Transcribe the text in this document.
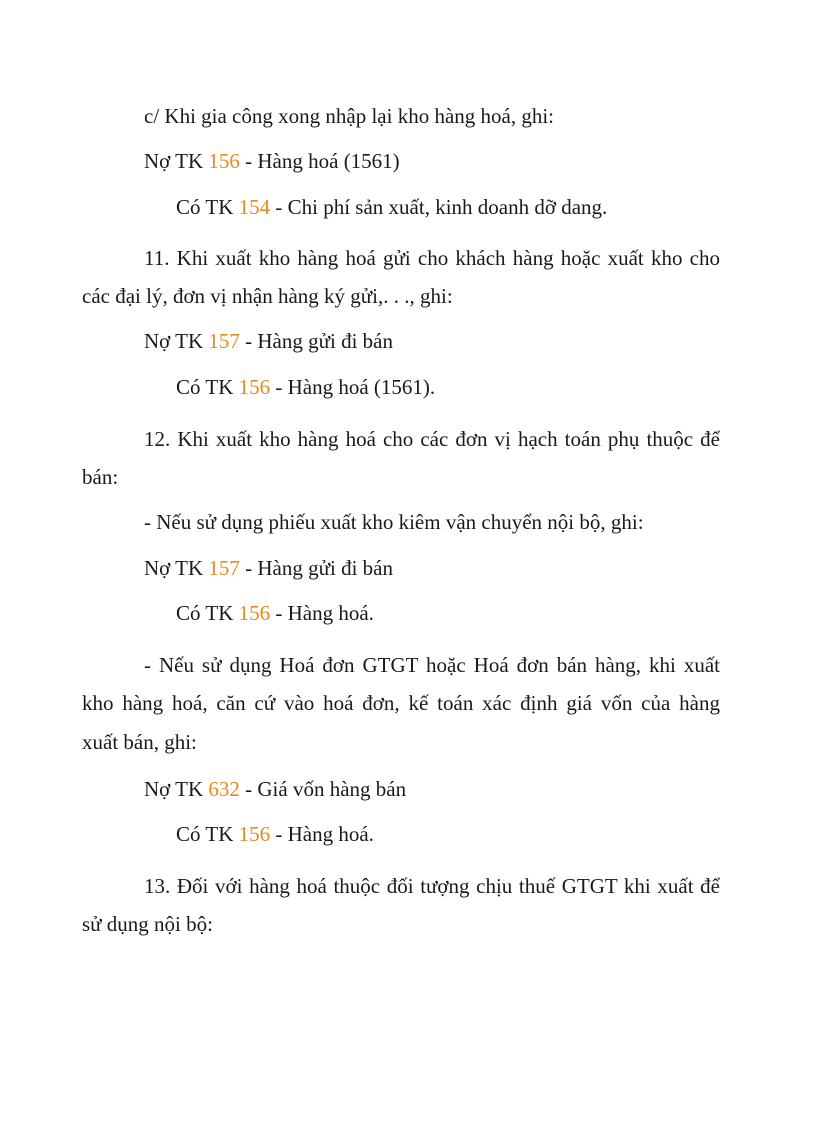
c/ Khi gia công xong nhập lại kho hàng hoá, ghi:
Nợ TK 156 - Hàng hoá (1561)
Có TK 154 - Chi phí sản xuất, kinh doanh dỡ dang.
11. Khi xuất kho hàng hoá gửi cho khách hàng hoặc xuất kho cho
các đại lý, đơn vị nhận hàng ký gửi,. . ., ghi:
Nợ TK 157 - Hàng gửi đi bán
Có TK 156 - Hàng hoá (1561).
12. Khi xuất kho hàng hoá cho các đơn vị hạch toán phụ thuộc để
bán:
- Nếu sử dụng phiếu xuất kho kiêm vận chuyển nội bộ, ghi:
Nợ TK 157 - Hàng gửi đi bán
Có TK 156 - Hàng hoá.
- Nếu sử dụng Hoá đơn GTGT hoặc Hoá đơn bán hàng, khi xuất
kho hàng hoá, căn cứ vào hoá đơn, kế toán xác định giá vốn của hàng
xuất bán, ghi:
Nợ TK 632 - Giá vốn hàng bán
Có TK 156 - Hàng hoá.
13. Đối với hàng hoá thuộc đối tượng chịu thuế GTGT khi xuất để
sử dụng nội bộ:
